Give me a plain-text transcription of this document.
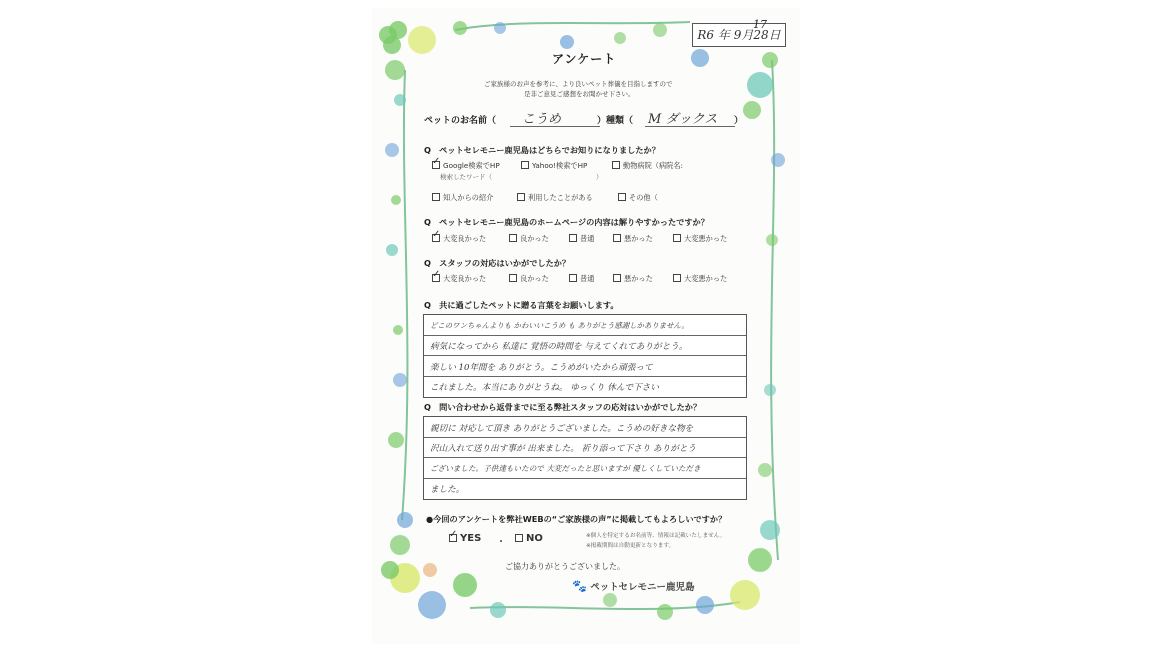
R6 年 9月28日
17
アンケート
ご家族様のお声を参考に、より良いペット葬儀を目指しますので
是非ご意見ご感想をお聞かせ下さい。
ペットのお名前（ こうめ	）種類（ M ダックス ）
Q　ペットセレモニー鹿児島はどちらでお知りになりましたか？
✓Google検索でHP	Yahoo!検索でHP	動物病院（病院名:
検索したワード（	）
知人からの紹介	利用したことがある	その他（
Q　ペットセレモニー鹿児島のホームページの内容は解りやすかったですか？
✓大変良かった	良かった	普通	悪かった	大変悪かった
Q　スタッフの対応はいかがでしたか？
✓大変良かった	良かった	普通	悪かった	大変悪かった
Q　共に過ごしたペットに贈る言葉をお願いします。
どこのワンちゃんよりも かわいいこうめ も ありがとう感謝しかありません。
病気になってから 私達に 覚悟の時間を 与えてくれてありがとう。
楽しい 10年間を ありがとう。こうめがいたから頑張って
これました。本当にありがとうね。 ゆっくり 休んで下さい
Q　問い合わせから返骨までに至る弊社スタッフの応対はいかがでしたか？
親切に 対応して頂き ありがとうございました。こうめの好きな物を
沢山入れて送り出す事が 出来ました。 祈り添って下さり ありがとう
ございました。子供達もいたので 大変だったと思いますが 優しくしていただき
ました。
●今回のアンケートを弊社WEBの“ご家族様の声”に掲載してもよろしいですか？
✓YES ・	NO	※個人を特定するお名前等、情報は記載いたしません。
※掲載期間は自動更新となります。
ご協力ありがとうございました。
🐾 ペットセレモニー鹿児島
